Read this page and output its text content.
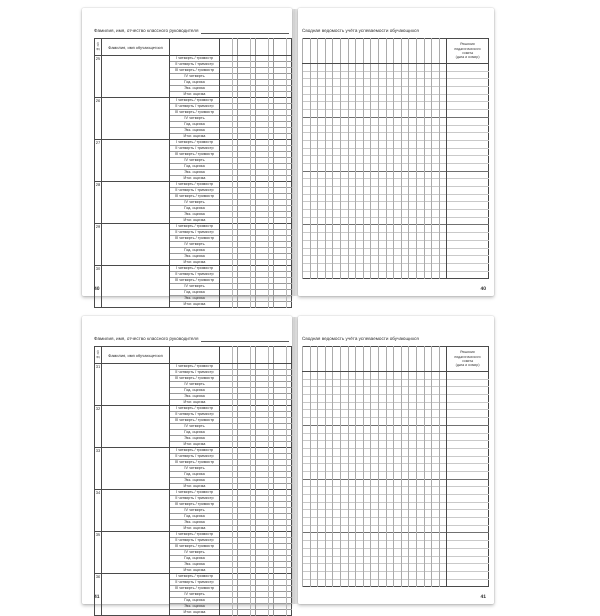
Фамилия, имя, отчество классного руководителя
№ п/п	Фамилия, имя обучающегося									
25		I четверть / триместр								
		II четверть / триместр								
		III четверть / триместр								
		IV четверть								
		Год. оценка								
		Экз. оценка								
		Итог. оценка								
26		I четверть / триместр								
		II четверть / триместр								
		III четверть / триместр								
		IV четверть								
		Год. оценка								
		Экз. оценка								
		Итог. оценка								
27		I четверть / триместр								
		II четверть / триместр								
		III четверть / триместр								
		IV четверть								
		Год. оценка								
		Экз. оценка								
		Итог. оценка								
28		I четверть / триместр								
		II четверть / триместр								
		III четверть / триместр								
		IV четверть								
		Год. оценка								
		Экз. оценка								
		Итог. оценка								
29		I четверть / триместр								
		II четверть / триместр								
		III четверть / триместр								
		IV четверть								
		Год. оценка								
		Экз. оценка								
		Итог. оценка								
30		I четверть / триместр								
		II четверть / триместр								
		III четверть / триместр								
		IV четверть								
		Год. оценка								
		Экз. оценка								
		Итог. оценка								
40
Сводная ведомость учёта успеваемости обучающихся

																			Решение
педагогического
совета
(дата и номер)

40
Фамилия, имя, отчество классного руководителя
№ п/п	Фамилия, имя обучающегося									
31		I четверть / триместр								
		II четверть / триместр								
		III четверть / триместр								
		IV четверть								
		Год. оценка								
		Экз. оценка								
		Итог. оценка								
32		I четверть / триместр								
		II четверть / триместр								
		III четверть / триместр								
		IV четверть								
		Год. оценка								
		Экз. оценка								
		Итог. оценка								
33		I четверть / триместр								
		II четверть / триместр								
		III четверть / триместр								
		IV четверть								
		Год. оценка								
		Экз. оценка								
		Итог. оценка								
34		I четверть / триместр								
		II четверть / триместр								
		III четверть / триместр								
		IV четверть								
		Год. оценка								
		Экз. оценка								
		Итог. оценка								
35		I четверть / триместр								
		II четверть / триместр								
		III четверть / триместр								
		IV четверть								
		Год. оценка								
		Экз. оценка								
		Итог. оценка								
36		I четверть / триместр								
		II четверть / триместр								
		III четверть / триместр								
		IV четверть								
		Год. оценка								
		Экз. оценка								
		Итог. оценка								
41
Сводная ведомость учёта успеваемости обучающихся

																			Решение
педагогического
совета
(дата и номер)

41
